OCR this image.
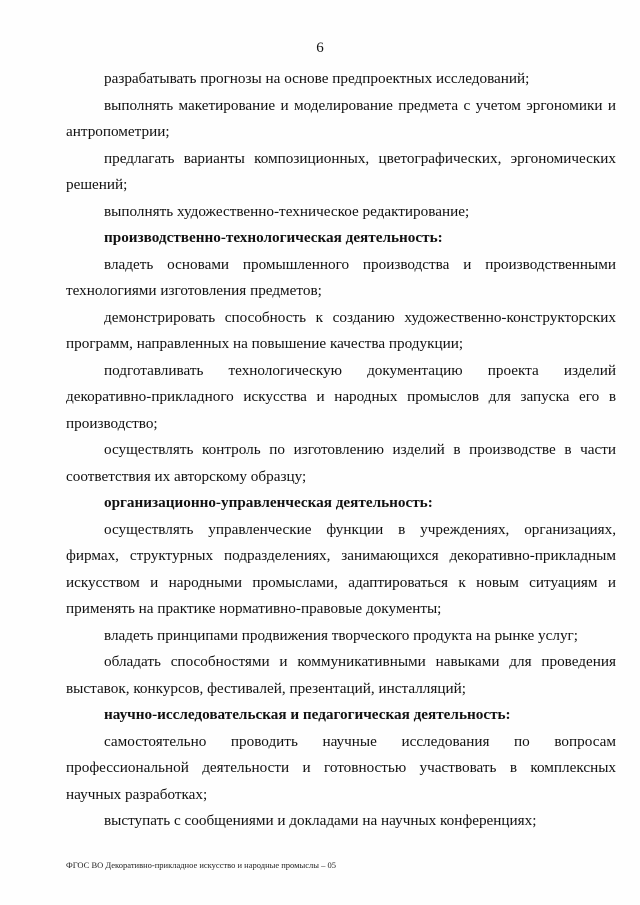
6

разрабатывать прогнозы на основе предпроектных исследований;

выполнять макетирование и моделирование предмета с учетом эргономики и антропометрии;

предлагать варианты композиционных, цветографических, эргономических решений;

выполнять художественно-техническое редактирование;

производственно-технологическая деятельность:

владеть основами промышленного производства и производственными технологиями изготовления предметов;

демонстрировать способность к созданию художественно-конструкторских программ, направленных на повышение качества продукции;

подготавливать технологическую документацию проекта изделий декоративно-прикладного искусства и народных промыслов для запуска его в производство;

осуществлять контроль по изготовлению изделий в производстве в части соответствия их авторскому образцу;

организационно-управленческая деятельность:

осуществлять управленческие функции в учреждениях, организациях, фирмах, структурных подразделениях, занимающихся декоративно-прикладным искусством и народными промыслами, адаптироваться к новым ситуациям и применять на практике нормативно-правовые документы;

владеть принципами продвижения творческого продукта на рынке услуг;

обладать способностями и коммуникативными навыками для проведения выставок, конкурсов, фестивалей, презентаций, инсталляций;

научно-исследовательская и педагогическая деятельность:

самостоятельно проводить научные исследования по вопросам профессиональной деятельности и готовностью участвовать в комплексных научных разработках;

выступать с сообщениями и докладами на научных конференциях;

ФГОС ВО Декоративно-прикладное искусство и народные промыслы – 05
